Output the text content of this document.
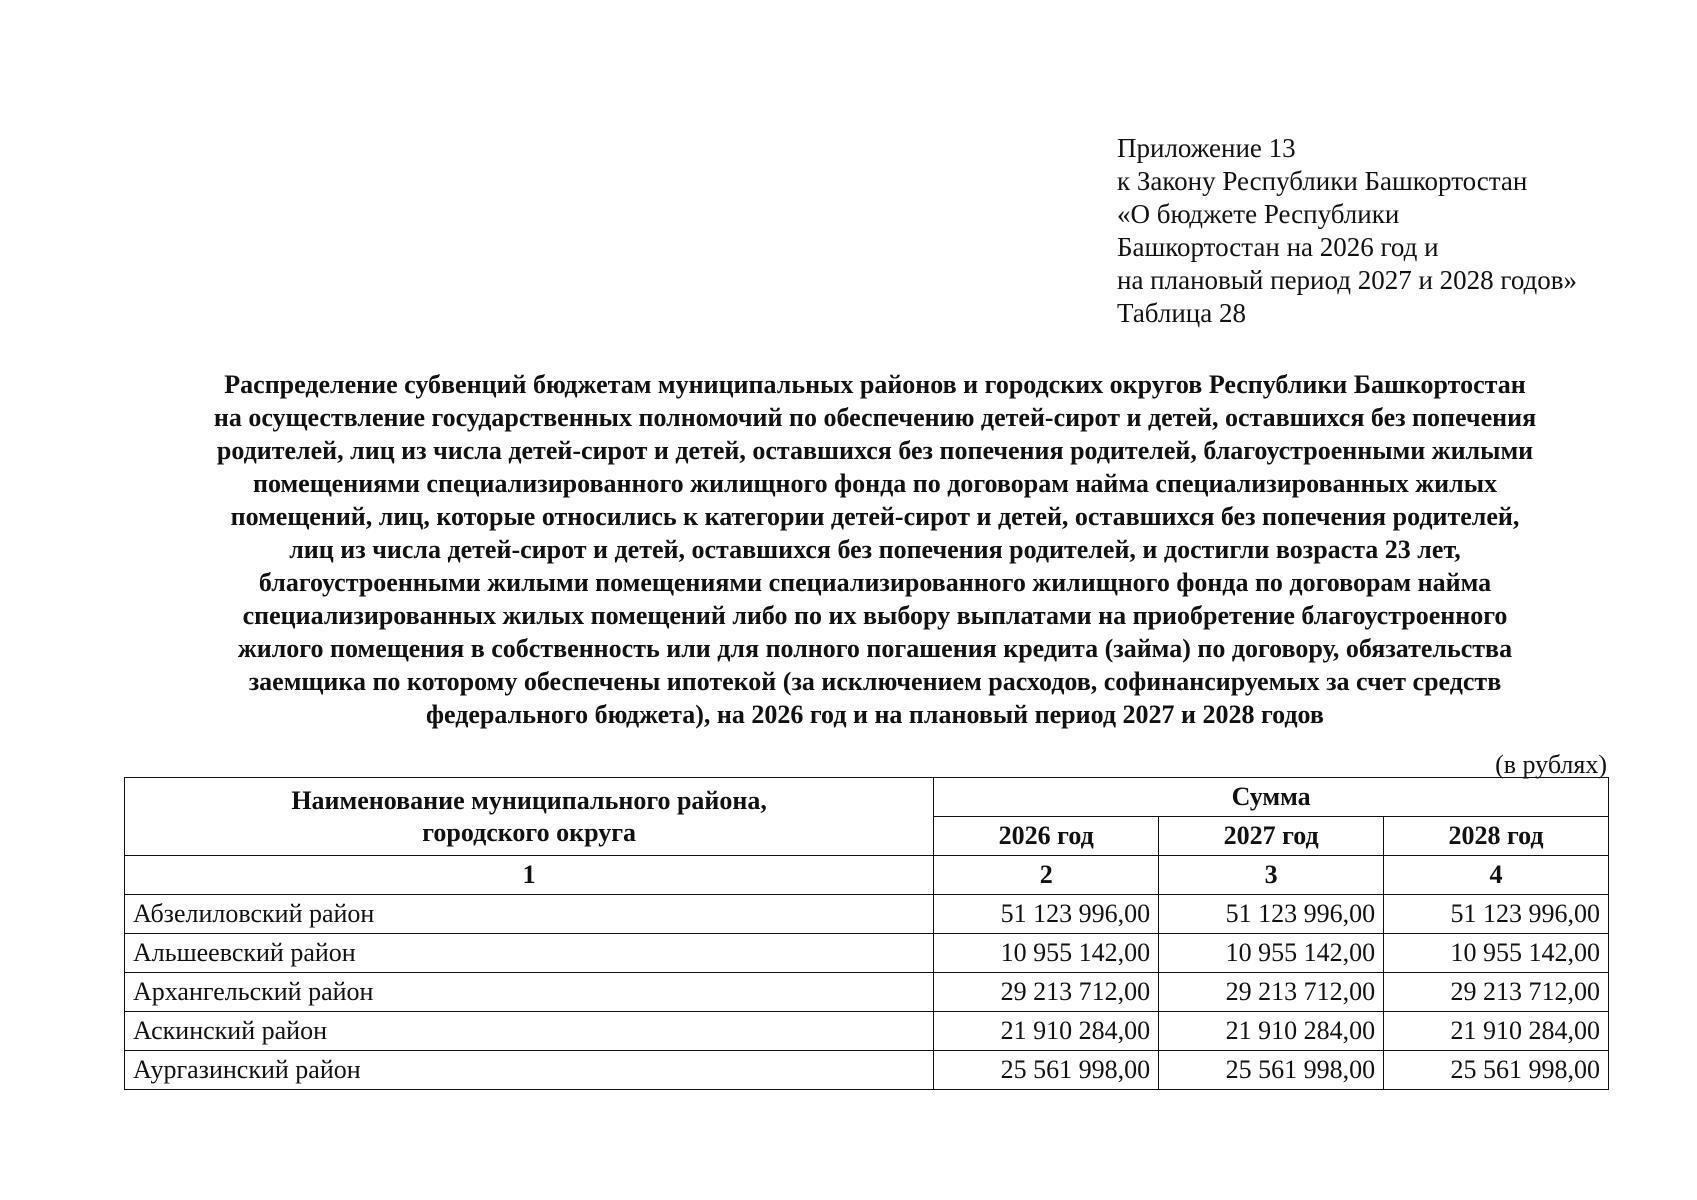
Приложение 13
к Закону Республики Башкортостан
«О бюджете Республики
Башкортостан на 2026 год и
на плановый период 2027 и 2028 годов»
Таблица 28
Распределение субвенций бюджетам муниципальных районов и городских округов Республики Башкортостан
на осуществление государственных полномочий по обеспечению детей-сирот и детей, оставшихся без попечения
родителей, лиц из числа детей-сирот и детей, оставшихся без попечения родителей, благоустроенными жилыми
помещениями специализированного жилищного фонда по договорам найма специализированных жилых
помещений, лиц, которые относились к категории детей-сирот и детей, оставшихся без попечения родителей,
лиц из числа детей-сирот и детей, оставшихся без попечения родителей, и достигли возраста 23 лет,
благоустроенными жилыми помещениями специализированного жилищного фонда по договорам найма
специализированных жилых помещений либо по их выбору выплатами на приобретение благоустроенного
жилого помещения в собственность или для полного погашения кредита (займа) по договору, обязательства
заемщика по которому обеспечены ипотекой (за исключением расходов, софинансируемых за счет средств
федерального бюджета), на 2026 год и на плановый период 2027 и 2028 годов
(в рублях)
Наименование муниципального района,
городского округа	Сумма		
	2026 год	2027 год	2028 год
1	2	3	4
Абзелиловский район	51 123 996,00	51 123 996,00	51 123 996,00
Альшеевский район	10 955 142,00	10 955 142,00	10 955 142,00
Архангельский район	29 213 712,00	29 213 712,00	29 213 712,00
Аскинский район	21 910 284,00	21 910 284,00	21 910 284,00
Аургазинский район	25 561 998,00	25 561 998,00	25 561 998,00
